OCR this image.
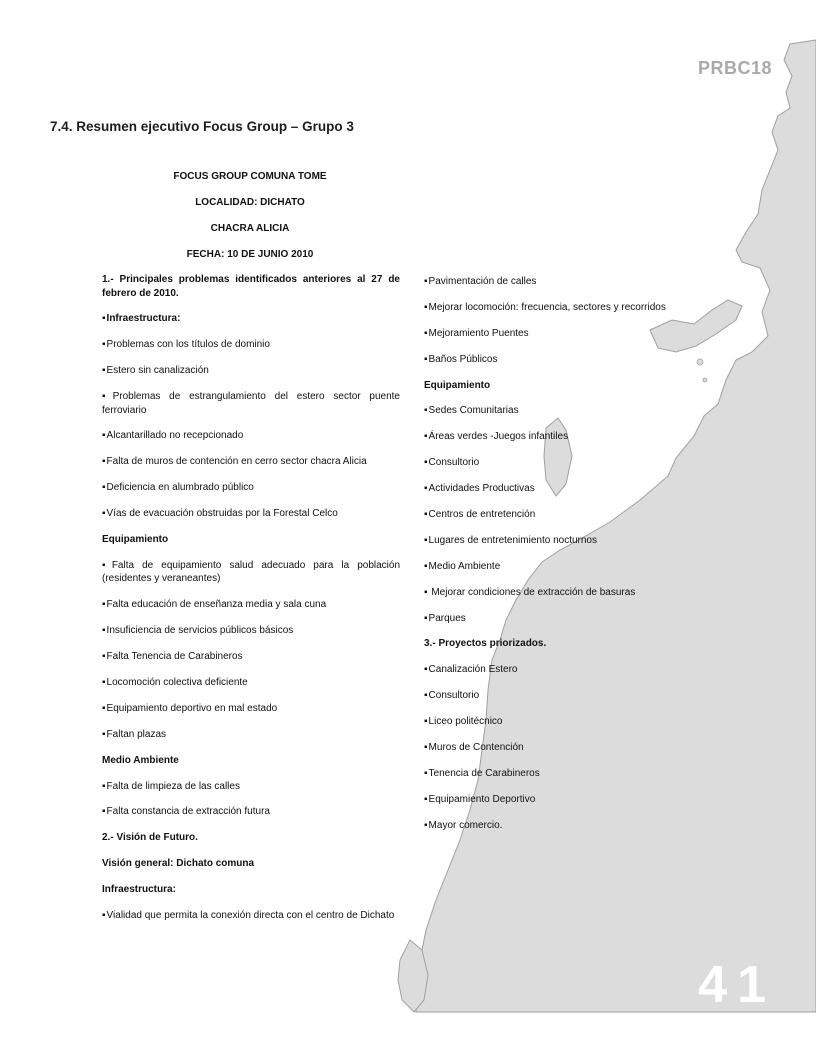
PRBC18
41
7.4. Resumen ejecutivo Focus Group – Grupo 3
FOCUS GROUP COMUNA TOME
LOCALIDAD: DICHATO
CHACRA ALICIA
FECHA: 10 DE JUNIO 2010

1.- Principales problemas identificados anteriores al 27 de febrero de 2010.

▪ Infraestructura:

▪ Problemas con los títulos de dominio

▪ Estero sin canalización

▪ Problemas de estrangulamiento del estero sector puente ferroviario

▪ Alcantarillado no recepcionado

▪ Falta de muros de contención en cerro sector chacra Alicia

▪ Deficiencia en alumbrado público

▪ Vías de evacuación obstruidas por la Forestal Celco

Equipamiento

▪ Falta de equipamiento salud adecuado para la población (residentes y veraneantes)

▪ Falta educación de enseñanza media y sala cuna

▪ Insuficiencia de servicios públicos básicos

▪ Falta Tenencia de Carabineros

▪ Locomoción colectiva deficiente

▪ Equipamiento deportivo en mal estado

▪ Faltan plazas

Medio Ambiente

▪ Falta de limpieza de las calles

▪ Falta constancia de extracción futura

2.- Visión de Futuro.

Visión general: Dichato comuna

Infraestructura:

▪ Vialidad que permita la conexión directa con el centro de Dichato

▪ Pavimentación de calles

▪ Mejorar locomoción: frecuencia, sectores y recorridos

▪ Mejoramiento Puentes

▪ Baños Públicos

Equipamiento

▪ Sedes Comunitarias

▪ Áreas verdes -Juegos infantiles

▪ Consultorio

▪ Actividades Productivas

▪ Centros de entretención

▪ Lugares de entretenimiento nocturnos

▪ Medio Ambiente

▪ Mejorar condiciones de extracción de basuras

▪ Parques

3.- Proyectos priorizados.

▪ Canalización Estero

▪ Consultorio

▪ Liceo politécnico

▪ Muros de Contención

▪ Tenencia de Carabineros

▪ Equipamiento Deportivo

▪ Mayor comercio.
